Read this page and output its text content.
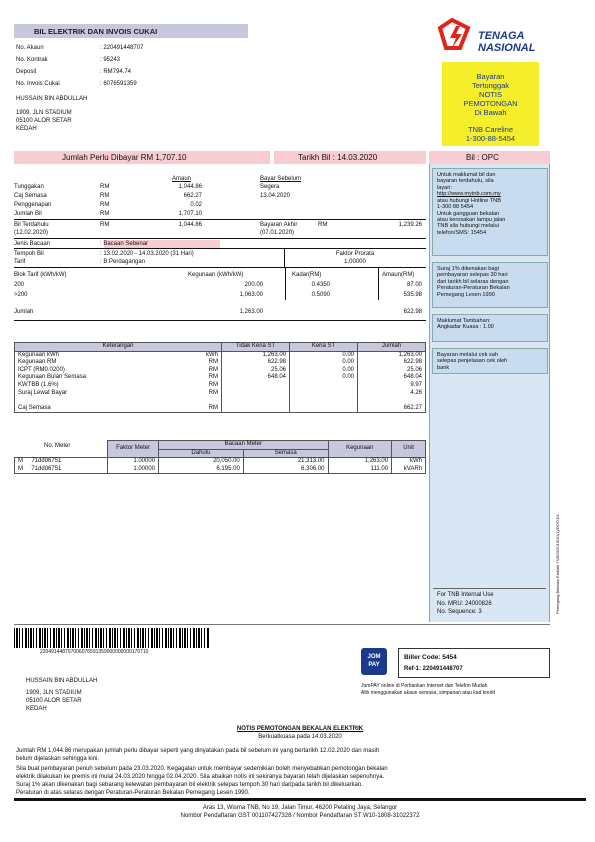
BIL ELEKTRIK DAN INVOIS CUKAI	TENAGA
NASIONAL
No. Akaun	: 220491448707
No. Kontrak	: 95243
Deposit	: RM794.74
No. Invois Cukai	: 6076591359
HUSSAIN BIN ABDULLAH
1909, JLN STADIUM
05100 ALOR SETAR
KEDAH
Bayaran
Tertunggak
NOTIS
PEMOTONGAN
Di Bawah
TNB Careline
1-300-88-5454
Jumlah Perlu Dibayar RM 1,707.10	Tarikh Bil : 14.03.2020	Bil : OPC

Untuk maklumat bil dan
bayaran terdahulu, sila
layari:
http://www.mytnb.com.my
atau hubungi Hotline TNB
1-300 88 5454
Untuk gangguan bekalan
atau kerosakan lampu jalan
TNB sila hubungi melalui
telefon/SMS: 15454

Suraj 1% dikenakan bagi
pembayaran selepas 30 hari
dari tarikh bil selaras dengan
Peraturan-Peraturan Bekalan
Pemegang Lesen 1990

Maklumat Tambahan:
Angkadar Kuasa : 1.00

Bayaran melalui cek sah
selepas penjelasan cek oleh
bank

For TNB Internal Use
No. MRU: 24000826
No. Sequence: 3	Pemegang Bekalan Elektrik TNB/SI/2019/10(1)/DOT/J/1
Amaun	Bayar Sebelum
Tunggakan	RM	1,044.86	Segera
Caj Semasa	RM	662.27	13.04.2020
Penggenapan	RM	0.02
Jumlah Bil	RM	1,707.10
Bil Terdahulu
(12.02.2020)
RM	1,044.86	Bayaran Akhir
(07.01.2020)
RM	1,239.26
Jenis Bacaan	: Bacaan Sebenar
Tempoh Bil	: 13.02.2020 - 14.03.2020 (31 Hari)
Tarif	: B:Perdagangan
Faktor Prorata
1.00000
Blok Tarif (kWh/kW)	Kegunaan (kWh/kW)	Kadar(RM)	Amaun(RM)
200	200.00	0.4350	87.00
>200	1,063.00	0.5090	535.98
Jumlah	1,263.00	622.98
Keterangan		Tidak Kena ST	Kena ST	Jumlah
Kegunaan kWh	kWh	1,263.00	0.00	1,263.00
Kegunaan RM	RM	622.98	0.00	622.98
ICPT (RM0.0200)	RM	25.06	0.00	25.06
Kegunaan Bulan Semasa	RM	648.04	0.00	648.04
KWTBB (1.6%)	RM			9.97
Suraj Lewat Bayar	RM			4.26

Caj Semasa	RM			662.27
	Faktor Meter	Bacaan Meter		Kegunaan	Unit
		Dahulu	Semasa		
M 71dd06751	1.00000	20,050.00	21,313.00	1,263.00	kWh
M 71dd06751	1.00000	6,195.00	6,306.00	111.00	kVARh
No. Meter
220491448707006076591359000000000170710
HUSSAIN BIN ABDULLAH
1909, JLN STADIUM
05100 ALOR SETAR
KEDAH
JOM
PAY
Biller Code: 5454
Ref-1: 220491448707
JomPAY online di Perbankan Internet dan Telefon Mudah
Alih menggunakan akaun semasa, simpanan atau kad kredit
NOTIS PEMOTONGAN BEKALAN ELEKTRIK
Berkuatkuasa pada 14.03.2020
Jumlah RM 1,044.86 merupakan jumlah perlu dibayar seperti yang dinyatakan pada bil sebelum ini yang bertarikh 12.02.2020 dan masih
belum dijelaskan sehingga kini.
Sila buat pembayaran penuh sebelum pada 23.03.2020. Kegagalan untuk membayar sedemikian boleh menyebabkan pemotongan bekalan
elektrik dilakukan ke premis ini mulai 24.03.2020 hingga 02.04.2020. Sila abaikan notis ini sekiranya bayaran telah dijelaskan sepenuhnya.
Suraj 1% akan dikenakan bagi sebarang kelewatan pembayaran bil elektrik selepas tempoh 30 hari daripada tarikh bil dikeluarkan.
Peraturan di atas selaras dengan Peraturan-Peraturan Bekalan Pemegang Lesen 1990.
Aras 13, Wisma TNB, No 19, Jalan Timur, 46200 Petaling Jaya, Selangor
Nombor Pendaftaran GST 001107427328 / Nombor Pendaftaran ST W10-1808-31022372
